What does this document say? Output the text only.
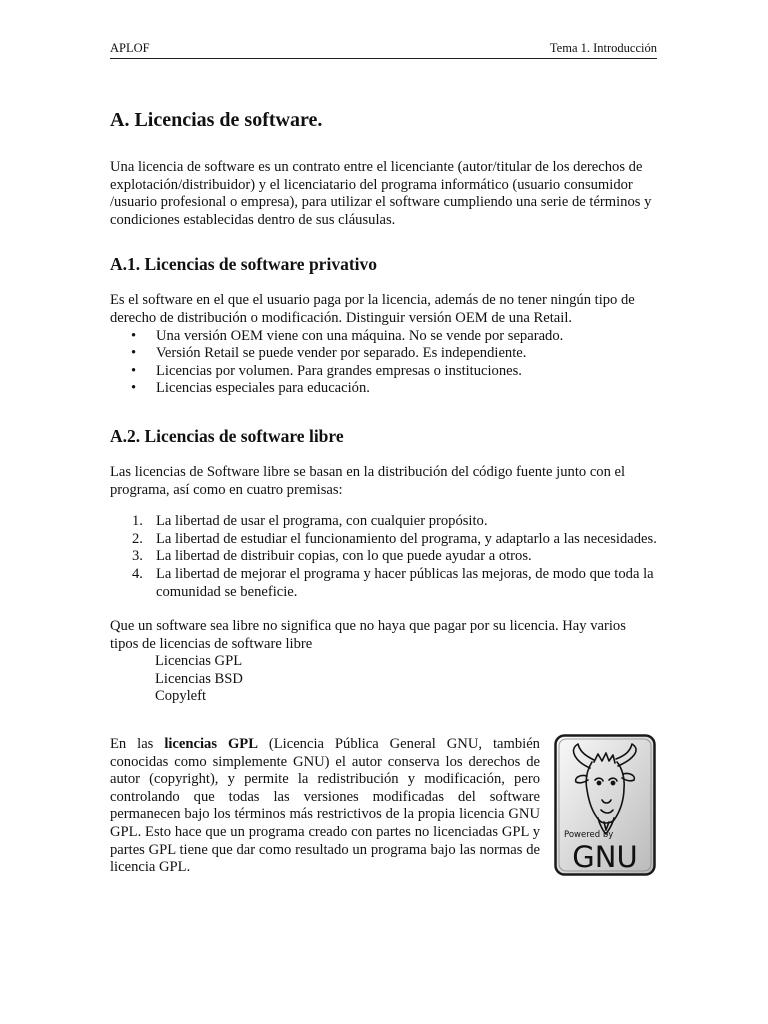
APLOF	Tema 1. Introducción
A. Licencias de software.

Una licencia de software es un contrato entre el licenciante (autor/titular de los derechos de explotación/distribuidor) y el licenciatario del programa informático (usuario consumidor /usuario profesional o empresa), para utilizar el software cumpliendo una serie de términos y condiciones establecidas dentro de sus cláusulas.

A.1. Licencias de software privativo

Es el software en el que el usuario paga por la licencia, además de no tener ningún tipo de derecho de distribución o modificación. Distinguir versión OEM de una Retail.

• Una versión OEM viene con una máquina. No se vende por separado.
• Versión Retail se puede vender por separado. Es independiente.
• Licencias por volumen. Para grandes empresas o instituciones.
• Licencias especiales para educación.
A.2. Licencias de software libre

Las licencias de Software libre se basan en la distribución del código fuente junto con el programa, así como en cuatro premisas:

1. La libertad de usar el programa, con cualquier propósito.
2. La libertad de estudiar el funcionamiento del programa, y adaptarlo a las necesidades.
3. La libertad de distribuir copias, con lo que puede ayudar a otros.
4. La libertad de mejorar el programa y hacer públicas las mejoras, de modo que toda la comunidad se beneficie.

Que un software sea libre no significa que no haya que pagar por su licencia. Hay varios tipos de licencias de software libre

Licencias GPL
Licencias BSD
Copyleft

En las licencias GPL (Licencia Pública General GNU, también conocidas como simplemente GNU) el autor conserva los derechos de autor (copyright), y permite la redistribución y modificación, pero controlando que todas las versiones modificadas del software permanecen bajo los términos más restrictivos de la propia licencia GNU GPL. Esto hace que un programa creado con partes no licenciadas GPL y partes GPL tiene que dar como resultado un programa bajo las normas de licencia GPL.

Powered by
GNU
